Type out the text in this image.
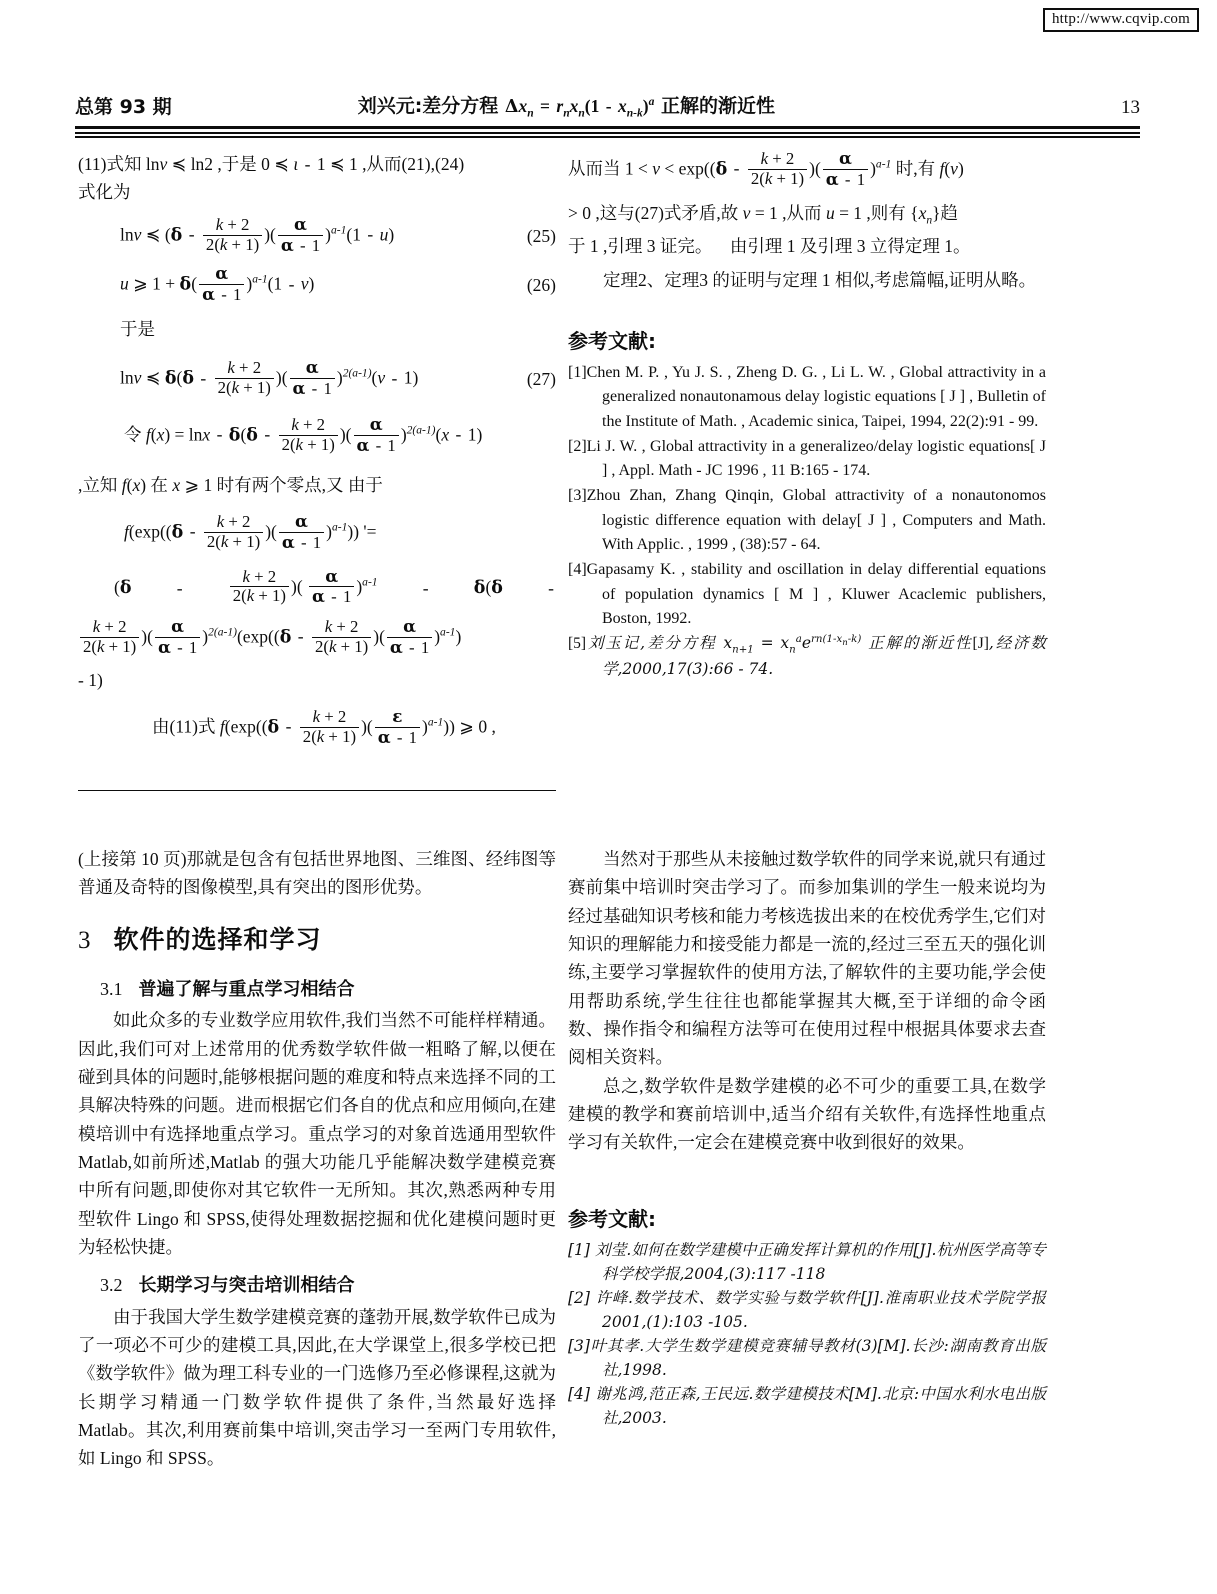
http://www.cqvip.com
总第 93 期	刘兴元:差分方程 $\Delta x_n = r_nx_n(1 - x_{n-k})^a$ 正解的渐近性	13

(11)式知 lnv ≼ ln2 ,于是 0 ≼ ι - 1 ≼ 1 ,从而(21),(24)

式化为

lnv ≼ ($\delta - \frac{k + 2}{2(k + 1)}$ )( $\frac{\alpha}{\alpha - 1} )^{a-1}(1 - u)$	(25)
u ⩾ $1 + \delta( \frac{\alpha}{\alpha - 1} )^{a-1}(1 - v)$	(26)

于是

lnv ≼ $\delta(\delta - \frac{k + 2}{2(k + 1)}$ )( $\frac{\alpha}{\alpha - 1} )^{2(a-1)}(v - 1)$	(27)
令 $f(x) = \ln x - \delta(\delta - \frac{k + 2}{2(k + 1)}$ )( $\frac{\alpha}{\alpha - 1} )^{2(a-1)}(x - 1)$

,立知 f(x) 在 x ⩾ 1 时有两个零点,又 由于

$f(\exp((\delta - \frac{k + 2}{2(k + 1)}$ )( $\frac{\alpha}{\alpha - 1} )^{a-1}$)) '=
(δ	-	$\frac{k + 2}{2(k + 1)}$ )( $\frac{\alpha}{\alpha - 1} )^{a-1}$	-	δ(δ	-
$\frac{k + 2}{2(k + 1)}$ )( $\frac{\alpha}{\alpha - 1} )^{2(a-1)}(\exp((\delta - \frac{k + 2}{2(k + 1)}$ )( $\frac{\alpha}{\alpha - 1} )^{a-1}$)

- 1)

由(11)式 $f(\exp((\delta - \frac{k + 2}{2(k + 1)}$ )( $\frac{\varepsilon}{\alpha - 1} )^{a-1}$)) ⩾ 0 ,

从而当 $1 < v < \exp((\delta - \frac{k + 2}{2(k + 1)}$ )( $\frac{\alpha}{\alpha - 1} )^{a-1}$ 时,有 f(v)

> 0 ,这与(27)式矛盾,故 v = 1 ,从而 u = 1 ,则有 $\{x_n\}$趋

于 1 ,引理 3 证完。    由引理 1 及引理 3 立得定理 1。

定理2、定理3 的证明与定理 1 相似,考虑篇幅,证明从略。

参考文献:

[1]Chen M. P. , Yu J. S. , Zheng D. G. , Li L. W. , Global attractivity in a generalized nonautonamous delay logistic equations [ J ] , Bulletin of the Institute of Math. , Academic sinica, Taipei, 1994, 22(2):91 - 99.

[2]Li J. W. , Global attractivity in a generalizeo/delay logistic equations[ J ] , Appl. Math - JC 1996 , 11 B:165 - 174.

[3]Zhou Zhan, Zhang Qinqin, Global attractivity of a nonautonomos logistic difference equation with delay[ J ] , Computers and Math. With Applic. , 1999 , (38):57 - 64.

[4]Gapasamy K. , stability and oscillation in delay differential equations of population dynamics [ M ] , Kluwer Acaclemic publishers, Boston, 1992.

[5]刘玉记,差分方程 $x_{n+1} = x_n^ae^{rn(1-x_n-k)}$ 正解的渐近性[J],经济数学,2000,17(3):66 - 74.

(上接第 10 页)那就是包含有包括世界地图、三维图、经纬图等普通及奇特的图像模型,具有突出的图形优势。

3 软件的选择和学习
3.1 普遍了解与重点学习相结合

如此众多的专业数学应用软件,我们当然不可能样样精通。因此,我们可对上述常用的优秀数学软件做一粗略了解,以便在碰到具体的问题时,能够根据问题的难度和特点来选择不同的工具解决特殊的问题。进而根据它们各自的优点和应用倾向,在建模培训中有选择地重点学习。重点学习的对象首选通用型软件 Matlab,如前所述,Matlab 的强大功能几乎能解决数学建模竞赛中所有问题,即使你对其它软件一无所知。其次,熟悉两种专用型软件 Lingo 和 SPSS,使得处理数据挖掘和优化建模问题时更为轻松快捷。

3.2 长期学习与突击培训相结合

由于我国大学生数学建模竞赛的蓬勃开展,数学软件已成为了一项必不可少的建模工具,因此,在大学课堂上,很多学校已把《数学软件》做为理工科专业的一门选修乃至必修课程,这就为长期学习精通一门数学软件提供了条件,当然最好选择 Matlab。其次,利用赛前集中培训,突击学习一至两门专用软件,如 Lingo 和 SPSS。

当然对于那些从未接触过数学软件的同学来说,就只有通过赛前集中培训时突击学习了。而参加集训的学生一般来说均为经过基础知识考核和能力考核选拔出来的在校优秀学生,它们对知识的理解能力和接受能力都是一流的,经过三至五天的强化训练,主要学习掌握软件的使用方法,了解软件的主要功能,学会使用帮助系统,学生往往也都能掌握其大概,至于详细的命令函数、操作指令和编程方法等可在使用过程中根据具体要求去查阅相关资料。

总之,数学软件是数学建模的必不可少的重要工具,在数学建模的教学和赛前培训中,适当介绍有关软件,有选择性地重点学习有关软件,一定会在建模竞赛中收到很好的效果。

参考文献:

[1] 刘莹.如何在数学建模中正确发挥计算机的作用[J].杭州医学高等专科学校学报,2004,(3):117 -118

[2] 许峰.数学技术、数学实验与数学软件[J].淮南职业技术学院学报 2001,(1):103 -105.

[3]叶其孝.大学生数学建模竞赛辅导教材(3)[M].长沙:湖南教育出版社,1998.

[4] 谢兆鸿,范正森,王民远.数学建模技术[M].北京:中国水利水电出版社,2003.
